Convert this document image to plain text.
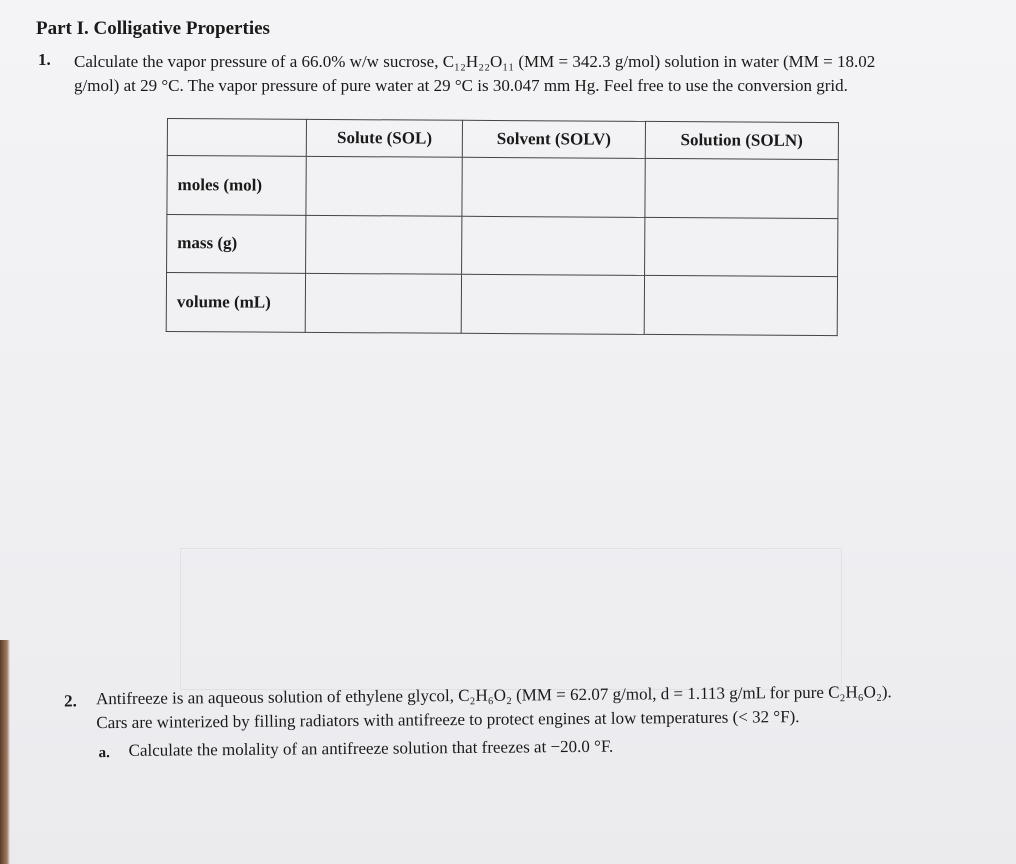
Part I. Colligative Properties
1. Calculate the vapor pressure of a 66.0% w/w sucrose, C₁₂H₂₂O₁₁ (MM = 342.3 g/mol) solution in water (MM = 18.02
g/mol) at 29 °C. The vapor pressure of pure water at 29 °C is 30.047 mm Hg. Feel free to use the conversion grid.
	Solute (SOL)	Solvent (SOLV)	Solution (SOLN)
moles (mol)			
mass (g)			
volume (mL)			
2. Antifreeze is an aqueous solution of ethylene glycol, C₂H₆O₂ (MM = 62.07 g/mol, d = 1.113 g/mL for pure C₂H₆O₂).
Cars are winterized by filling radiators with antifreeze to protect engines at low temperatures (< 32 °F).
a. Calculate the molality of an antifreeze solution that freezes at −20.0 °F.
